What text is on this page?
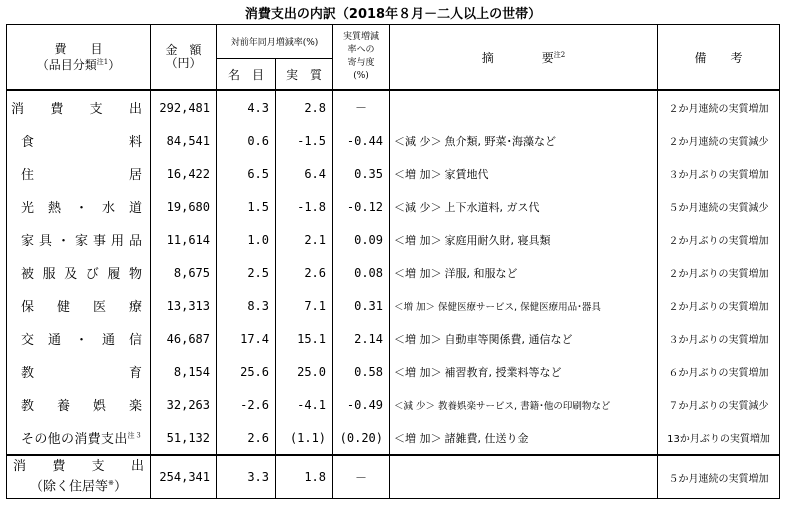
消費支出の内訳（2018年８月－二人以上の世帯）
費　　目
（品目分類$^{注1}$）	金　額
（円）	対前年同月増減率(%)		実質増減
率への
寄与度
(%)	摘　　　　要$^{注2}$	備　　考
		名　目	実　質			
消費支出	292,481	4.3	2.8	－		２か月連続の実質増加
食料	84,541	0.6	-1.5	-0.44	＜減 少＞ 魚介類, 野菜･海藻など	２か月連続の実質減少
住居	16,422	6.5	6.4	0.35	＜増 加＞ 家賃地代	３か月ぶりの実質増加
光熱・水道	19,680	1.5	-1.8	-0.12	＜減 少＞ 上下水道料, ガス代	５か月連続の実質減少
家具・家事用品	11,614	1.0	2.1	0.09	＜増 加＞ 家庭用耐久財, 寝具類	２か月ぶりの実質増加
被服及び履物	8,675	2.5	2.6	0.08	＜増 加＞ 洋服, 和服など	２か月ぶりの実質増加
保健医療	13,313	8.3	7.1	0.31	＜増 加＞ 保健医療サービス, 保健医療用品･器具	２か月ぶりの実質増加
交通・通信	46,687	17.4	15.1	2.14	＜増 加＞ 自動車等関係費, 通信など	３か月ぶりの実質増加
教育	8,154	25.6	25.0	0.58	＜増 加＞ 補習教育, 授業料等など	６か月ぶりの実質増加
教養娯楽	32,263	-2.6	-4.1	-0.49	＜減 少＞ 教養娯楽サービス, 書籍･他の印刷物など	７か月ぶりの実質減少
その他の消費支出$^{注3}$	51,132	2.6	(1.1)	(0.20)	＜増 加＞ 諸雑費, 仕送り金	13か月ぶりの実質増加

消費支出
（除く住居等※）	254,341	3.3	1.8	－		５か月連続の実質増加
